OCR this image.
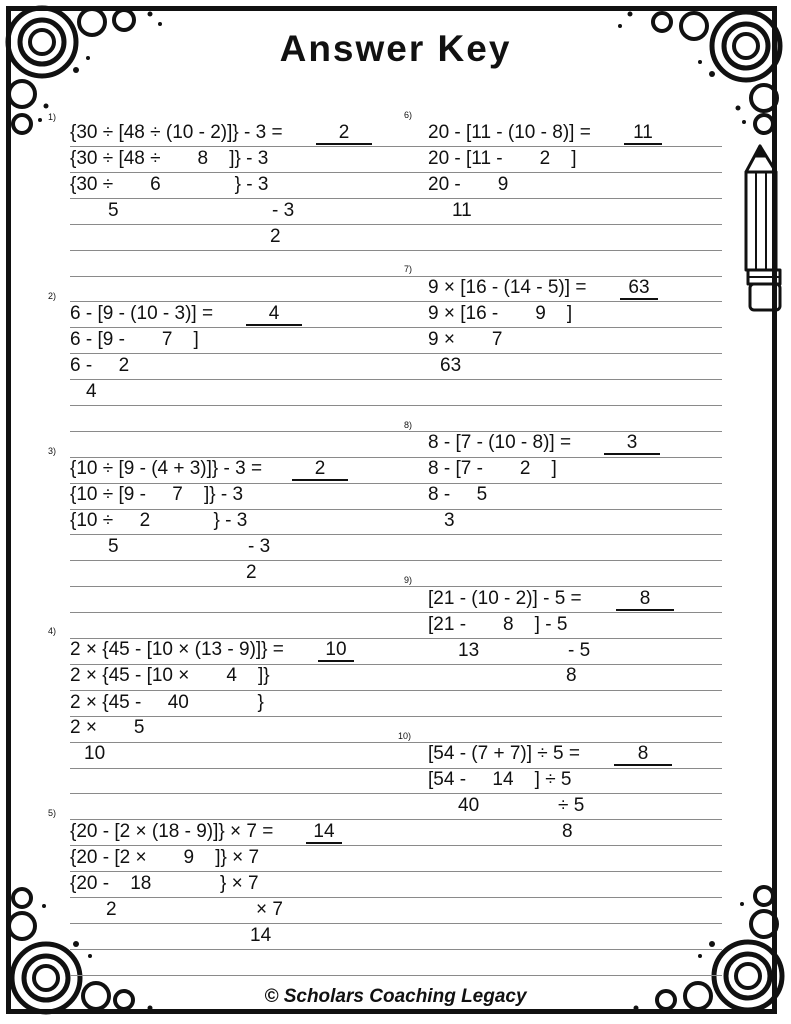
Answer Key
1)
{30 ÷ [48 ÷ (10 - 2)]} - 3 =	2
{30 ÷ [48 ÷       8    ]} - 3
{30 ÷       6              } - 3
5	- 3
2
2)
6 - [9 - (10 - 3)] =	4
6 - [9 -       7    ]
6 -     2
4
3)
{10 ÷ [9 - (4 + 3)]} - 3 =	2
{10 ÷ [9 -     7    ]} - 3
{10 ÷     2            } - 3
5	- 3
2
4)
2 × {45 - [10 × (13 - 9)]} =	10
2 × {45 - [10 ×       4    ]}
2 × {45 -     40             }
2 ×       5
10
5)
{20 - [2 × (18 - 9)]} × 7 =	14
{20 - [2 ×       9    ]} × 7
{20 -    18             } × 7
2	× 7
14
6)
20 - [11 - (10 - 8)] =	11
20 - [11 -       2    ]
20 -       9
11
7)
9 × [16 - (14 - 5)] =	63
9 × [16 -       9    ]
9 ×       7
63
8)
8 - [7 - (10 - 8)] =	3
8 - [7 -       2    ]
8 -     5
3
9)
[21 - (10 - 2)] - 5 =	8
[21 -       8    ] - 5
13	- 5
8
10)
[54 - (7 + 7)] ÷ 5 =	8
[54 -     14    ] ÷ 5
40	÷ 5
8
© Scholars Coaching Legacy
